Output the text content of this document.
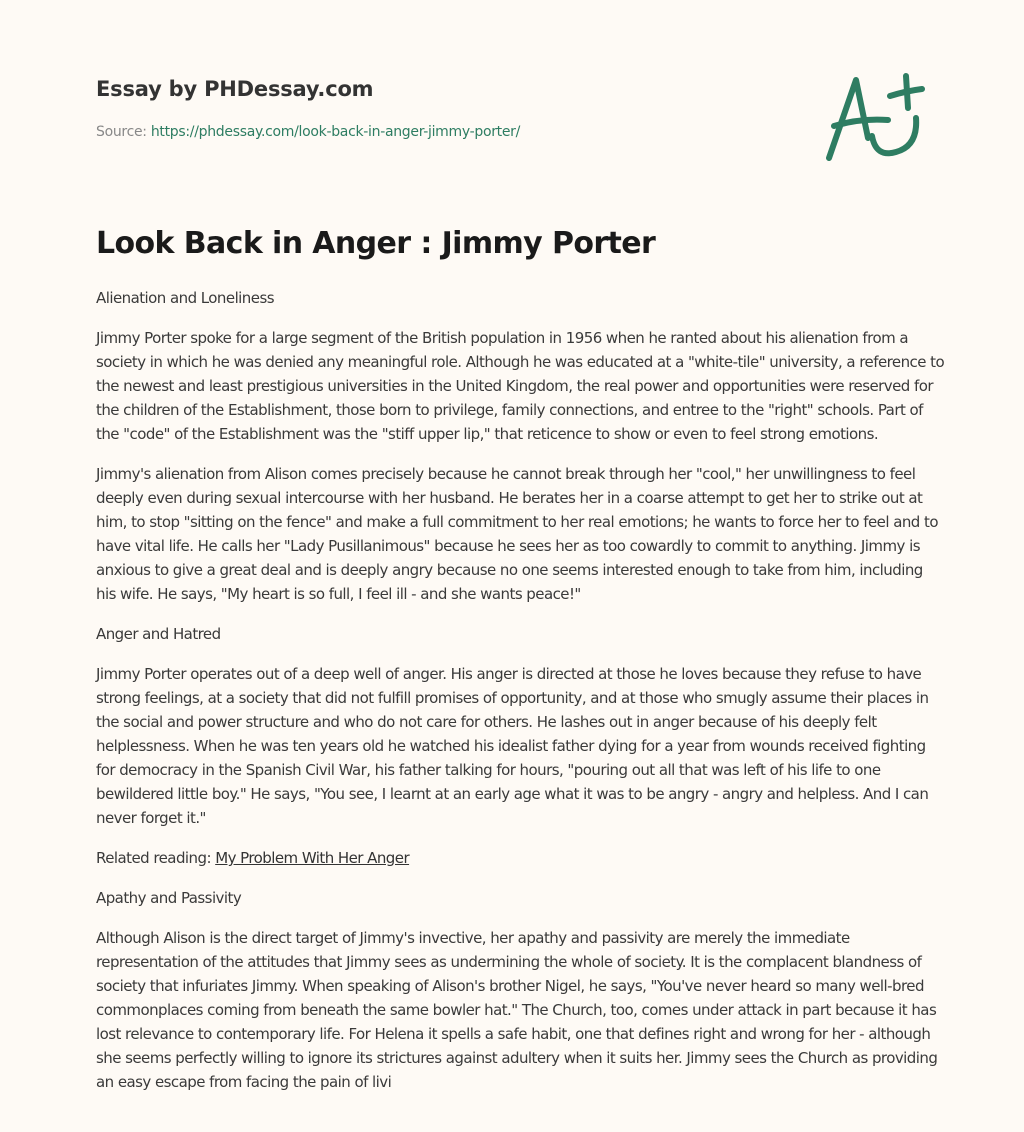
Essay by PHDessay.com
Source: https://phdessay.com/look-back-in-anger-jimmy-porter/
Look Back in Anger : Jimmy Porter

Alienation and Loneliness

Jimmy Porter spoke for a large segment of the British population in 1956 when he ranted about his alienation from a society in which he was denied any meaningful role. Although he was educated at a "white-tile" university, a reference to the newest and least prestigious universities in the United Kingdom, the real power and opportunities were reserved for the children of the Establishment, those born to privilege, family connections, and entree to the "right" schools. Part of the "code" of the Establishment was the "stiff upper lip," that reticence to show or even to feel strong emotions.

Jimmy's alienation from Alison comes precisely because he cannot break through her "cool," her unwillingness to feel deeply even during sexual intercourse with her husband. He berates her in a coarse attempt to get her to strike out at him, to stop "sitting on the fence" and make a full commitment to her real emotions; he wants to force her to feel and to have vital life. He calls her "Lady Pusillanimous" because he sees her as too cowardly to commit to anything. Jimmy is anxious to give a great deal and is deeply angry because no one seems interested enough to take from him, including his wife. He says, "My heart is so full, I feel ill - and she wants peace!"

Anger and Hatred

Jimmy Porter operates out of a deep well of anger. His anger is directed at those he loves because they refuse to have strong feelings, at a society that did not fulfill promises of opportunity, and at those who smugly assume their places in the social and power structure and who do not care for others. He lashes out in anger because of his deeply felt helplessness. When he was ten years old he watched his idealist father dying for a year from wounds received fighting for democracy in the Spanish Civil War, his father talking for hours, "pouring out all that was left of his life to one bewildered little boy." He says, "You see, I learnt at an early age what it was to be angry - angry and helpless. And I can never forget it."

Related reading: My Problem With Her Anger

Apathy and Passivity

Although Alison is the direct target of Jimmy's invective, her apathy and passivity are merely the immediate representation of the attitudes that Jimmy sees as undermining the whole of society. It is the complacent blandness of society that infuriates Jimmy. When speaking of Alison's brother Nigel, he says, "You've never heard so many well-bred commonplaces coming from beneath the same bowler hat." The Church, too, comes under attack in part because it has lost relevance to contemporary life. For Helena it spells a safe habit, one that defines right and wrong for her - although she seems perfectly willing to ignore its strictures against adultery when it suits her. Jimmy sees the Church as providing an easy escape from facing the pain of livi
